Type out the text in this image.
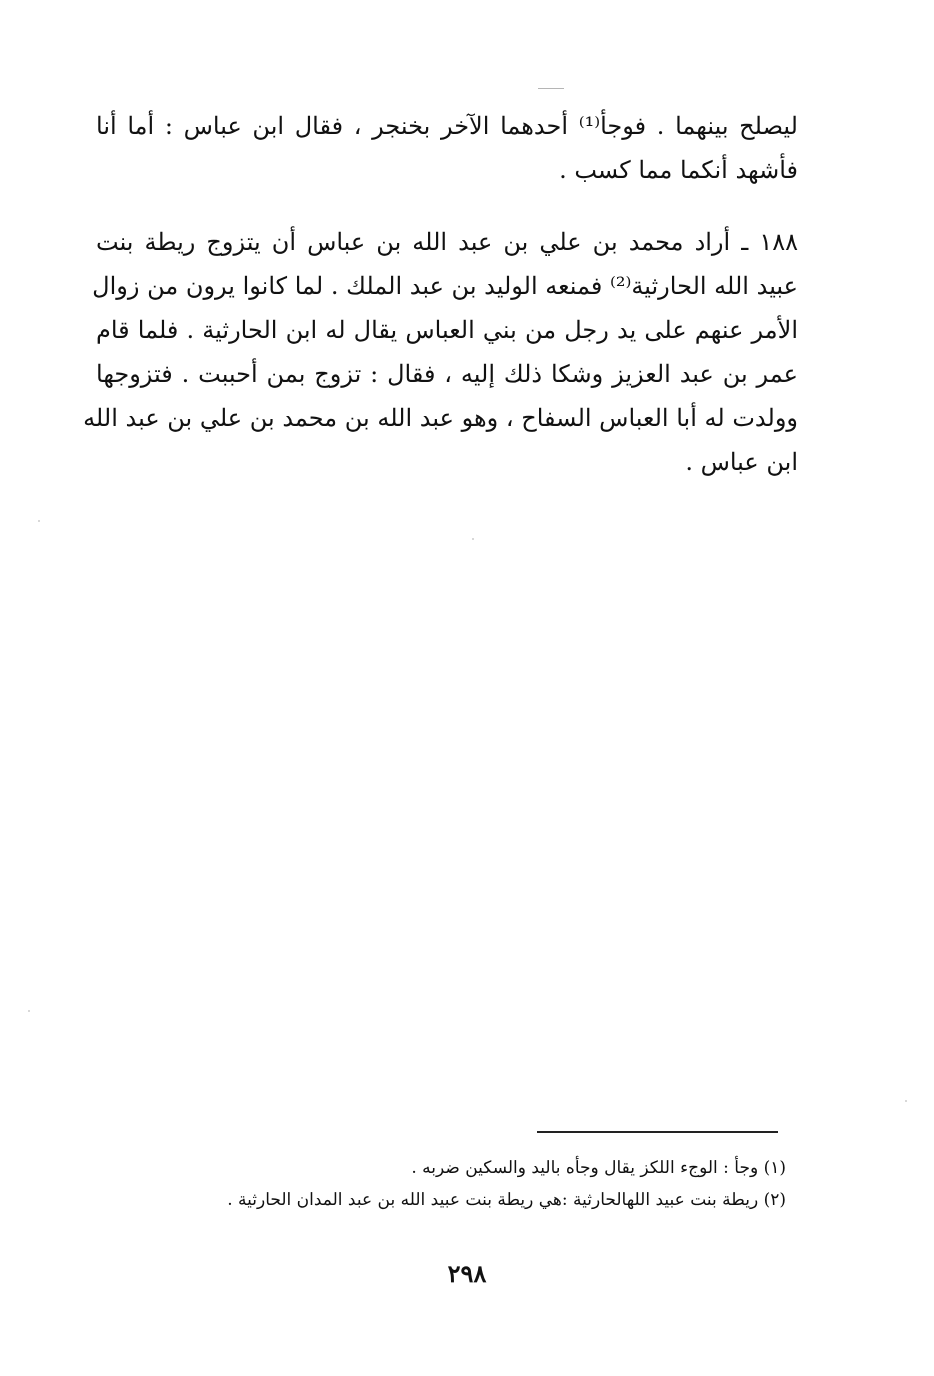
ليصلح بينهما . فوجأ⁽¹⁾ أحدهما الآخر بخنجر ، فقال ابن عباس : أما أنا
فأشهد أنكما مما كسب .
١٨٨ ـ أراد محمد بن علي بن عبد الله بن عباس أن يتزوج ريطة بنت
عبيد الله الحارثية⁽²⁾ فمنعه الوليد بن عبد الملك . لما كانوا يرون من زوال
الأمر عنهم على يد رجل من بني العباس يقال له ابن الحارثية . فلما قام
عمر بن عبد العزيز وشكا ذلك إليه ، فقال : تزوج بمن أحببت . فتزوجها
وولدت له أبا العباس السفاح ، وهو عبد الله بن محمد بن علي بن عبد الله
ابن عباس .
(١) وجأ : الوجء اللكز يقال وجأه باليد والسكين ضربه .
(٢) ريطة بنت عبيد اللهالحارثية :هي ريطة بنت عبيد الله بن عبد المدان الحارثية .
٢٩٨
